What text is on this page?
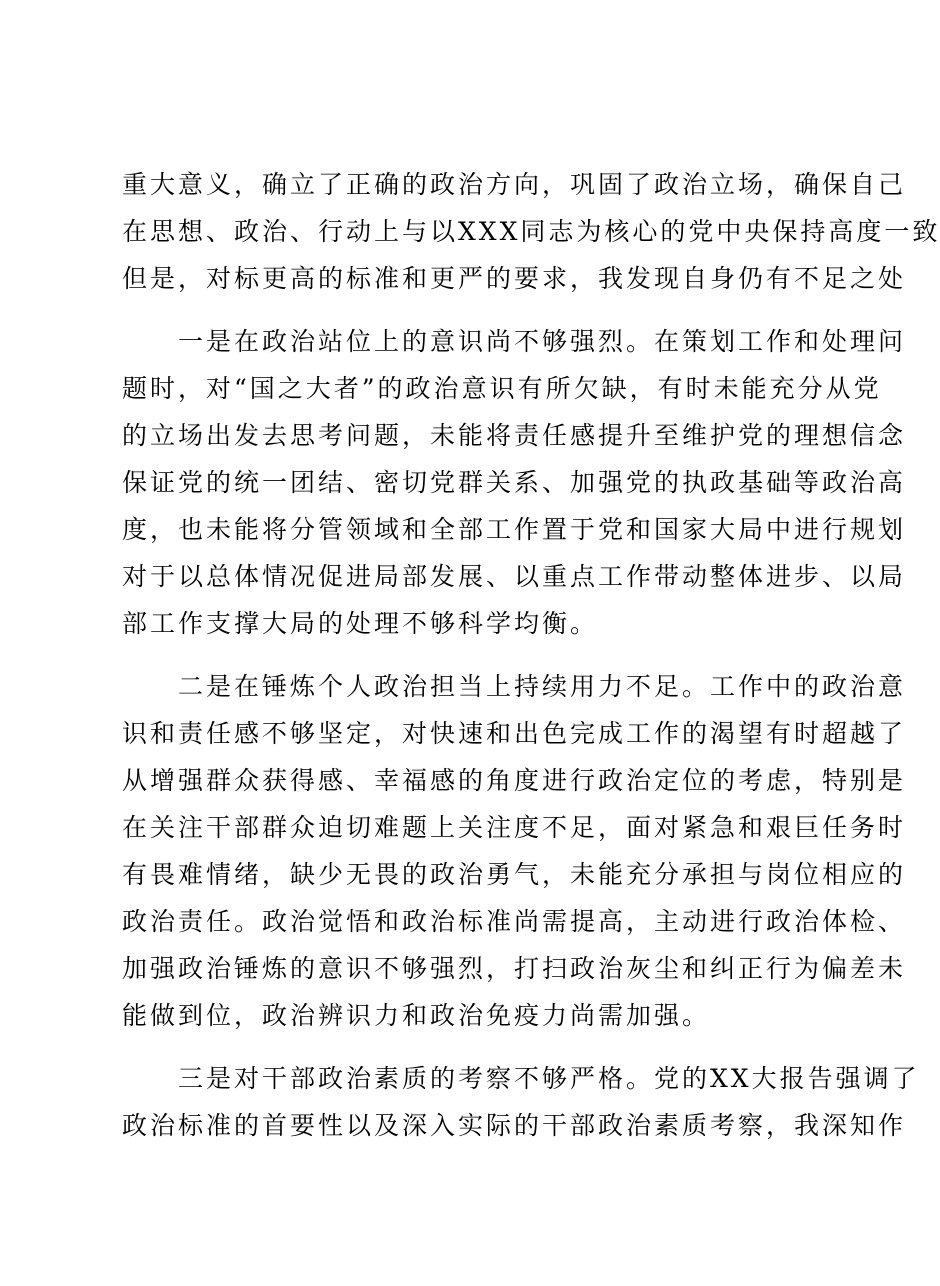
重大意义，确立了正确的政治方向，巩固了政治立场，确保自己
在思想、政治、行动上与以XXX同志为核心的党中央保持高度一致
但是，对标更高的标准和更严的要求，我发现自身仍有不足之处
一是在政治站位上的意识尚不够强烈。在策划工作和处理问
题时，对“国之大者”的政治意识有所欠缺，有时未能充分从党
的立场出发去思考问题，未能将责任感提升至维护党的理想信念
保证党的统一团结、密切党群关系、加强党的执政基础等政治高
度，也未能将分管领域和全部工作置于党和国家大局中进行规划
对于以总体情况促进局部发展、以重点工作带动整体进步、以局
部工作支撑大局的处理不够科学均衡。
二是在锤炼个人政治担当上持续用力不足。工作中的政治意
识和责任感不够坚定，对快速和出色完成工作的渴望有时超越了
从增强群众获得感、幸福感的角度进行政治定位的考虑，特别是
在关注干部群众迫切难题上关注度不足，面对紧急和艰巨任务时
有畏难情绪，缺少无畏的政治勇气，未能充分承担与岗位相应的
政治责任。政治觉悟和政治标准尚需提高，主动进行政治体检、
加强政治锤炼的意识不够强烈，打扫政治灰尘和纠正行为偏差未
能做到位，政治辨识力和政治免疫力尚需加强。
三是对干部政治素质的考察不够严格。党的XX大报告强调了
政治标准的首要性以及深入实际的干部政治素质考察，我深知作
